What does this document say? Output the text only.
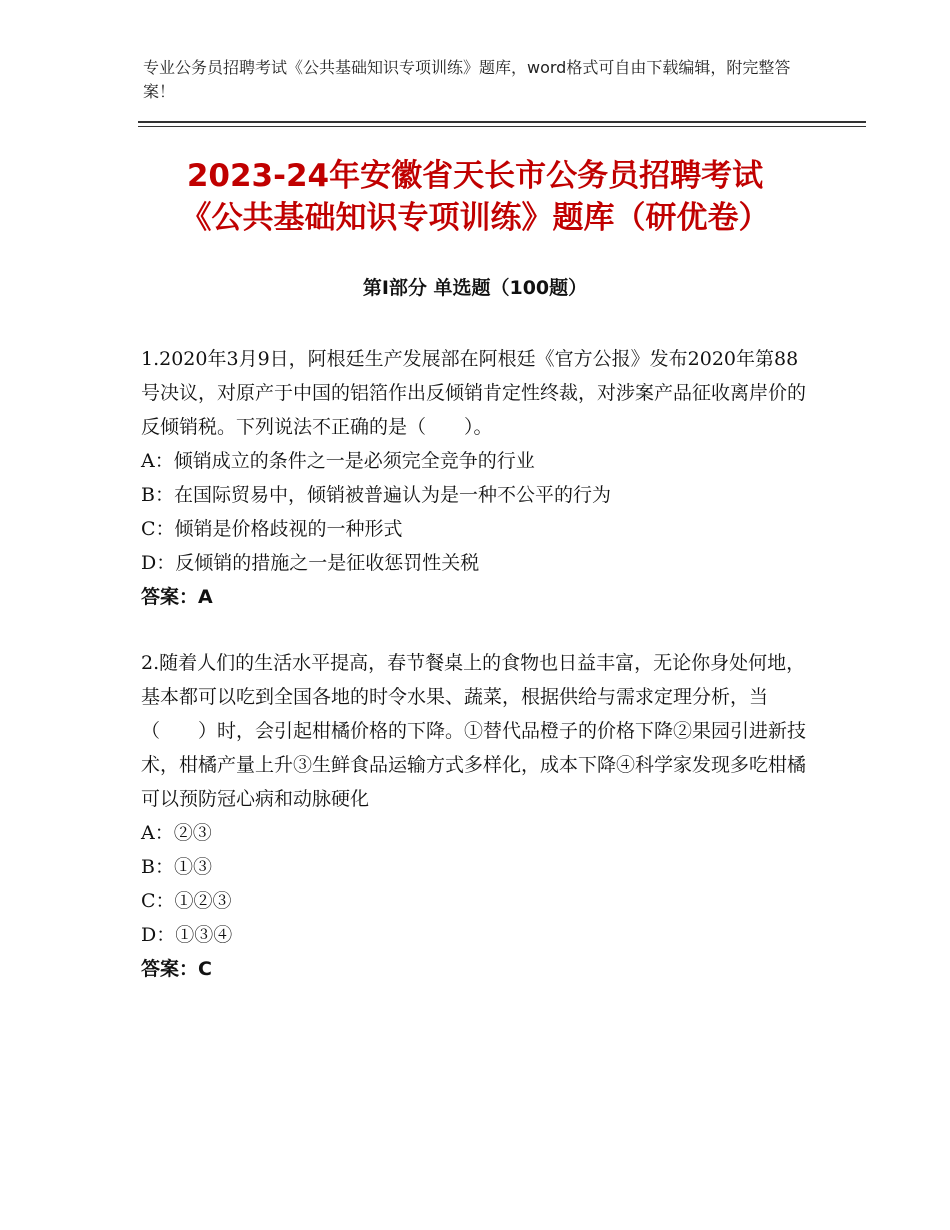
专业公务员招聘考试《公共基础知识专项训练》题库，word格式可自由下载编辑，附完整答案！
2023-24年安徽省天长市公务员招聘考试
《公共基础知识专项训练》题库（研优卷）
第Ⅰ部分 单选题（100题）

1.2020年3月9日，阿根廷生产发展部在阿根廷《官方公报》发布2020年第88号决议，对原产于中国的铝箔作出反倾销肯定性终裁，对涉案产品征收离岸价的反倾销税。下列说法不正确的是（　　）。

A：倾销成立的条件之一是必须完全竞争的行业

B：在国际贸易中，倾销被普遍认为是一种不公平的行为

C：倾销是价格歧视的一种形式

D：反倾销的措施之一是征收惩罚性关税

答案：A

2.随着人们的生活水平提高，春节餐桌上的食物也日益丰富，无论你身处何地，基本都可以吃到全国各地的时令水果、蔬菜，根据供给与需求定理分析，当（　　）时，会引起柑橘价格的下降。①替代品橙子的价格下降②果园引进新技术，柑橘产量上升③生鲜食品运输方式多样化，成本下降④科学家发现多吃柑橘可以预防冠心病和动脉硬化

A：②③

B：①③

C：①②③

D：①③④

答案：C
